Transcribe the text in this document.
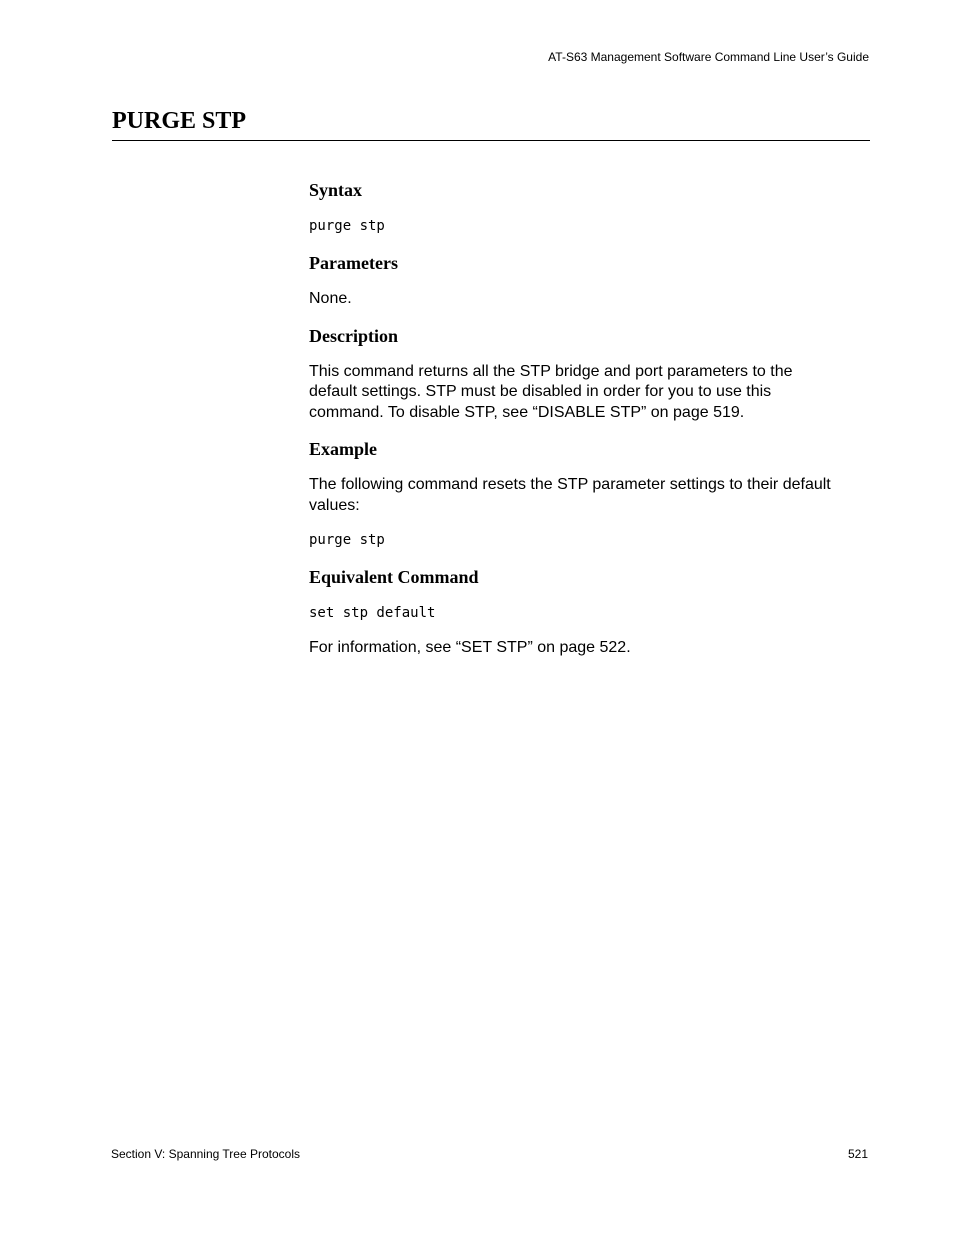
AT-S63 Management Software Command Line User’s Guide
PURGE STP
Syntax
purge stp
Parameters

None.

Description

This command returns all the STP bridge and port parameters to the default settings. STP must be disabled in order for you to use this command. To disable STP, see “DISABLE STP” on page 519.

Example

The following command resets the STP parameter settings to their default values:

purge stp
Equivalent Command
set stp default

For information, see “SET STP” on page 522.

Section V: Spanning Tree Protocols	521
